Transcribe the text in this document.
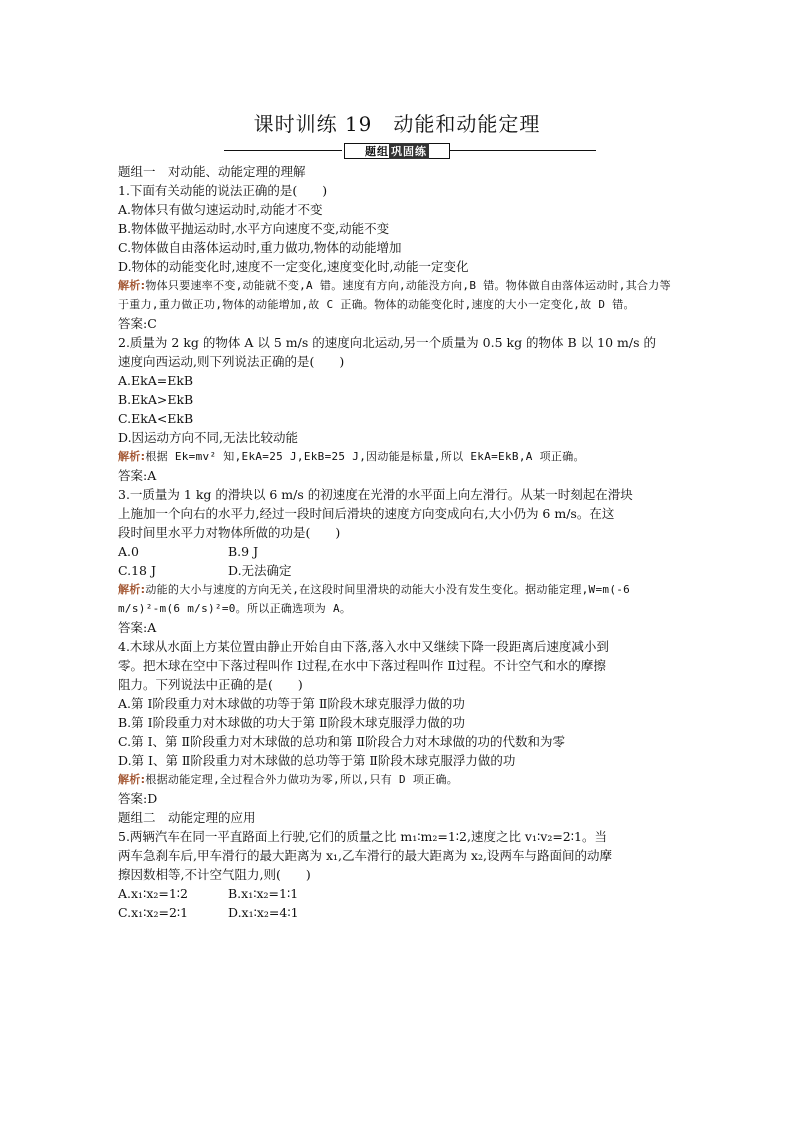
课时训练 19　动能和动能定理
题组 巩固练

题组一　对动能、动能定理的理解

1.下面有关动能的说法正确的是(　　)

A.物体只有做匀速运动时,动能才不变

B.物体做平抛运动时,水平方向速度不变,动能不变

C.物体做自由落体运动时,重力做功,物体的动能增加

D.物体的动能变化时,速度不一定变化,速度变化时,动能一定变化

解析:物体只要速率不变,动能就不变,A 错。速度有方向,动能没方向,B 错。物体做自由落体运动时,其合力等于重力,重力做正功,物体的动能增加,故 C 正确。物体的动能变化时,速度的大小一定变化,故 D 错。

答案:C

2.质量为 2 kg 的物体 A 以 5 m/s 的速度向北运动,另一个质量为 0.5 kg 的物体 B 以 10 m/s 的

速度向西运动,则下列说法正确的是(　　)

A.EkA=EkB

B.EkA>EkB

C.EkA<EkB

D.因运动方向不同,无法比较动能

解析:根据 Ek=mv² 知,EkA=25 J,EkB=25 J,因动能是标量,所以 EkA=EkB,A 项正确。

答案:A

3.一质量为 1 kg 的滑块以 6 m/s 的初速度在光滑的水平面上向左滑行。从某一时刻起在滑块

上施加一个向右的水平力,经过一段时间后滑块的速度方向变成向右,大小仍为 6 m/s。在这

段时间里水平力对物体所做的功是(　　)

A.0	B.9 J
C.18 J	D.无法确定

解析:动能的大小与速度的方向无关,在这段时间里滑块的动能大小没有发生变化。据动能定理,W=m(-6 m/s)²-m(6 m/s)²=0。所以正确选项为 A。

答案:A

4.木球从水面上方某位置由静止开始自由下落,落入水中又继续下降一段距离后速度减小到

零。把木球在空中下落过程叫作 Ⅰ过程,在水中下落过程叫作 Ⅱ过程。不计空气和水的摩擦

阻力。下列说法中正确的是(　　)

A.第 Ⅰ阶段重力对木球做的功等于第 Ⅱ阶段木球克服浮力做的功

B.第 Ⅰ阶段重力对木球做的功大于第 Ⅱ阶段木球克服浮力做的功

C.第 Ⅰ、第 Ⅱ阶段重力对木球做的总功和第 Ⅱ阶段合力对木球做的功的代数和为零

D.第 Ⅰ、第 Ⅱ阶段重力对木球做的总功等于第 Ⅱ阶段木球克服浮力做的功

解析:根据动能定理,全过程合外力做功为零,所以,只有 D 项正确。

答案:D

题组二　动能定理的应用

5.两辆汽车在同一平直路面上行驶,它们的质量之比 m₁∶m₂=1∶2,速度之比 v₁∶v₂=2∶1。当

两车急刹车后,甲车滑行的最大距离为 x₁,乙车滑行的最大距离为 x₂,设两车与路面间的动摩

擦因数相等,不计空气阻力,则(　　)

A.x₁∶x₂=1∶2	B.x₁∶x₂=1∶1
C.x₁∶x₂=2∶1	D.x₁∶x₂=4∶1
